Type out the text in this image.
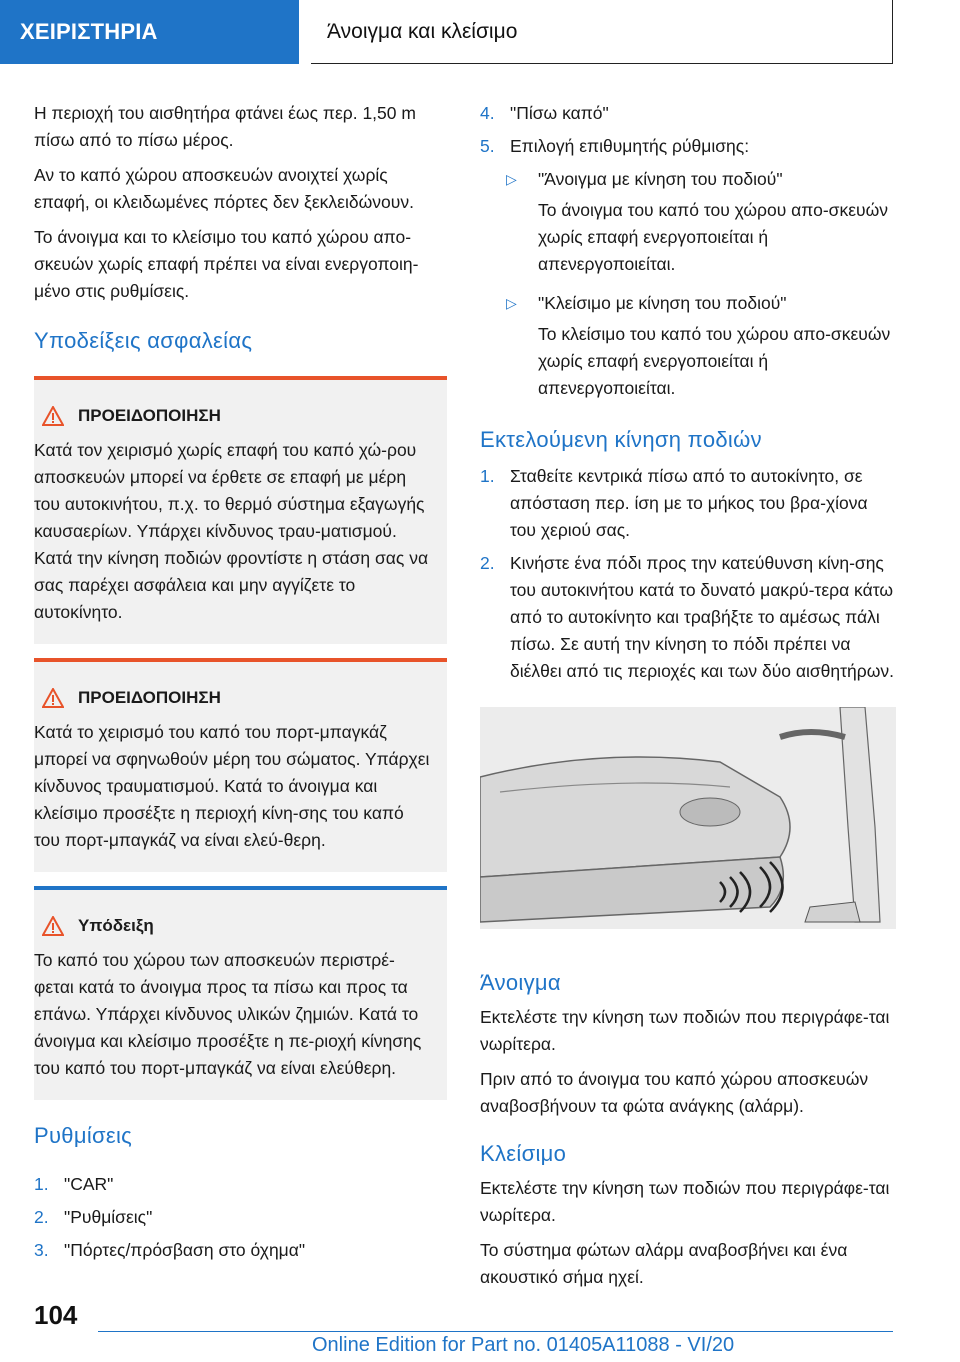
ΧΕΙΡΙΣΤΗΡΙΑ	Άνοιγμα και κλείσιμο

Η περιοχή του αισθητήρα φτάνει έως περ. 1,50 m πίσω από το πίσω μέρος.

Αν το καπό χώρου αποσκευών ανοιχτεί χωρίς επαφή, οι κλειδωμένες πόρτες δεν ξεκλειδώνουν.

Το άνοιγμα και το κλείσιμο του καπό χώρου απο-σκευών χωρίς επαφή πρέπει να είναι ενεργοποιη-μένο στις ρυθμίσεις.

Υποδείξεις ασφαλείας
ΠΡΟΕΙΔΟΠΟΙΗΣΗ
Κατά τον χειρισμό χωρίς επαφή του καπό χώ-ρου αποσκευών μπορεί να έρθετε σε επαφή με μέρη του αυτοκινήτου, π.χ. το θερμό σύστημα εξαγωγής καυσαερίων. Υπάρχει κίνδυνος τραυ-ματισμού. Κατά την κίνηση ποδιών φροντίστε η στάση σας να σας παρέχει ασφάλεια και μην αγγίζετε το αυτοκίνητο.
ΠΡΟΕΙΔΟΠΟΙΗΣΗ
Κατά το χειρισμό του καπό του πορτ-μπαγκάζ μπορεί να σφηνωθούν μέρη του σώματος. Υπάρχει κίνδυνος τραυματισμού. Κατά το άνοιγμα και κλείσιμο προσέξτε η περιοχή κίνη-σης του καπό του πορτ-μπαγκάζ να είναι ελεύ-θερη.
Υπόδειξη
Το καπό του χώρου των αποσκευών περιστρέ-φεται κατά το άνοιγμα προς τα πίσω και προς τα επάνω. Υπάρχει κίνδυνος υλικών ζημιών. Κατά το άνοιγμα και κλείσιμο προσέξτε η πε-ριοχή κίνησης του καπό του πορτ-μπαγκάζ να είναι ελεύθερη.
Ρυθμίσεις
1. "CAR"
2. "Ρυθμίσεις"
3. "Πόρτες/πρόσβαση στο όχημα"
4. "Πίσω καπό"
5. Επιλογή επιθυμητής ρύθμισης:
▷	"Άνοιγμα με κίνηση του ποδιού"
Το άνοιγμα του καπό του χώρου απο-σκευών χωρίς επαφή ενεργοποιείται ή απενεργοποιείται.
▷	"Κλείσιμο με κίνηση του ποδιού"
Το κλείσιμο του καπό του χώρου απο-σκευών χωρίς επαφή ενεργοποιείται ή απενεργοποιείται.
Εκτελούμενη κίνηση ποδιών
1. Σταθείτε κεντρικά πίσω από το αυτοκίνητο, σε απόσταση περ. ίση με το μήκος του βρα-χίονα του χεριού σας.
2. Κινήστε ένα πόδι προς την κατεύθυνση κίνη-σης του αυτοκινήτου κατά το δυνατό μακρύ-τερα κάτω από το αυτοκίνητο και τραβήξτε το αμέσως πάλι πίσω. Σε αυτή την κίνηση το πόδι πρέπει να διέλθει από τις περιοχές και των δύο αισθητήρων.
Άνοιγμα

Εκτελέστε την κίνηση των ποδιών που περιγράφε-ται νωρίτερα.

Πριν από το άνοιγμα του καπό χώρου αποσκευών αναβοσβήνουν τα φώτα ανάγκης (αλάρμ).

Κλείσιμο

Εκτελέστε την κίνηση των ποδιών που περιγράφε-ται νωρίτερα.

Το σύστημα φώτων αλάρμ αναβοσβήνει και ένα ακουστικό σήμα ηχεί.

104
Online Edition for Part no. 01405A11088 - VI/20
